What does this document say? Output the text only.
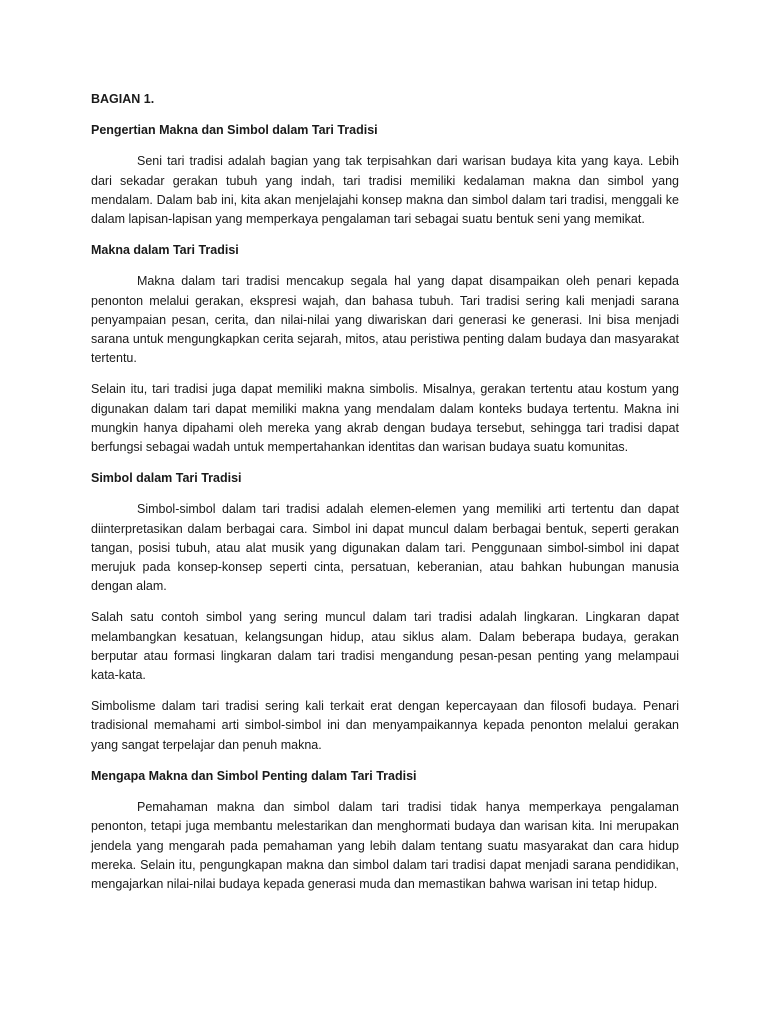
BAGIAN 1.

Pengertian Makna dan Simbol dalam Tari Tradisi

Seni tari tradisi adalah bagian yang tak terpisahkan dari warisan budaya kita yang kaya. Lebih dari sekadar gerakan tubuh yang indah, tari tradisi memiliki kedalaman makna dan simbol yang mendalam. Dalam bab ini, kita akan menjelajahi konsep makna dan simbol dalam tari tradisi, menggali ke dalam lapisan-lapisan yang memperkaya pengalaman tari sebagai suatu bentuk seni yang memikat.

Makna dalam Tari Tradisi

Makna dalam tari tradisi mencakup segala hal yang dapat disampaikan oleh penari kepada penonton melalui gerakan, ekspresi wajah, dan bahasa tubuh. Tari tradisi sering kali menjadi sarana penyampaian pesan, cerita, dan nilai-nilai yang diwariskan dari generasi ke generasi. Ini bisa menjadi sarana untuk mengungkapkan cerita sejarah, mitos, atau peristiwa penting dalam budaya dan masyarakat tertentu.

Selain itu, tari tradisi juga dapat memiliki makna simbolis. Misalnya, gerakan tertentu atau kostum yang digunakan dalam tari dapat memiliki makna yang mendalam dalam konteks budaya tertentu. Makna ini mungkin hanya dipahami oleh mereka yang akrab dengan budaya tersebut, sehingga tari tradisi dapat berfungsi sebagai wadah untuk mempertahankan identitas dan warisan budaya suatu komunitas.

Simbol dalam Tari Tradisi

Simbol-simbol dalam tari tradisi adalah elemen-elemen yang memiliki arti tertentu dan dapat diinterpretasikan dalam berbagai cara. Simbol ini dapat muncul dalam berbagai bentuk, seperti gerakan tangan, posisi tubuh, atau alat musik yang digunakan dalam tari. Penggunaan simbol-simbol ini dapat merujuk pada konsep-konsep seperti cinta, persatuan, keberanian, atau bahkan hubungan manusia dengan alam.

Salah satu contoh simbol yang sering muncul dalam tari tradisi adalah lingkaran. Lingkaran dapat melambangkan kesatuan, kelangsungan hidup, atau siklus alam. Dalam beberapa budaya, gerakan berputar atau formasi lingkaran dalam tari tradisi mengandung pesan-pesan penting yang melampaui kata-kata.

Simbolisme dalam tari tradisi sering kali terkait erat dengan kepercayaan dan filosofi budaya. Penari tradisional memahami arti simbol-simbol ini dan menyampaikannya kepada penonton melalui gerakan yang sangat terpelajar dan penuh makna.

Mengapa Makna dan Simbol Penting dalam Tari Tradisi

Pemahaman makna dan simbol dalam tari tradisi tidak hanya memperkaya pengalaman penonton, tetapi juga membantu melestarikan dan menghormati budaya dan warisan kita. Ini merupakan jendela yang mengarah pada pemahaman yang lebih dalam tentang suatu masyarakat dan cara hidup mereka. Selain itu, pengungkapan makna dan simbol dalam tari tradisi dapat menjadi sarana pendidikan, mengajarkan nilai-nilai budaya kepada generasi muda dan memastikan bahwa warisan ini tetap hidup.
